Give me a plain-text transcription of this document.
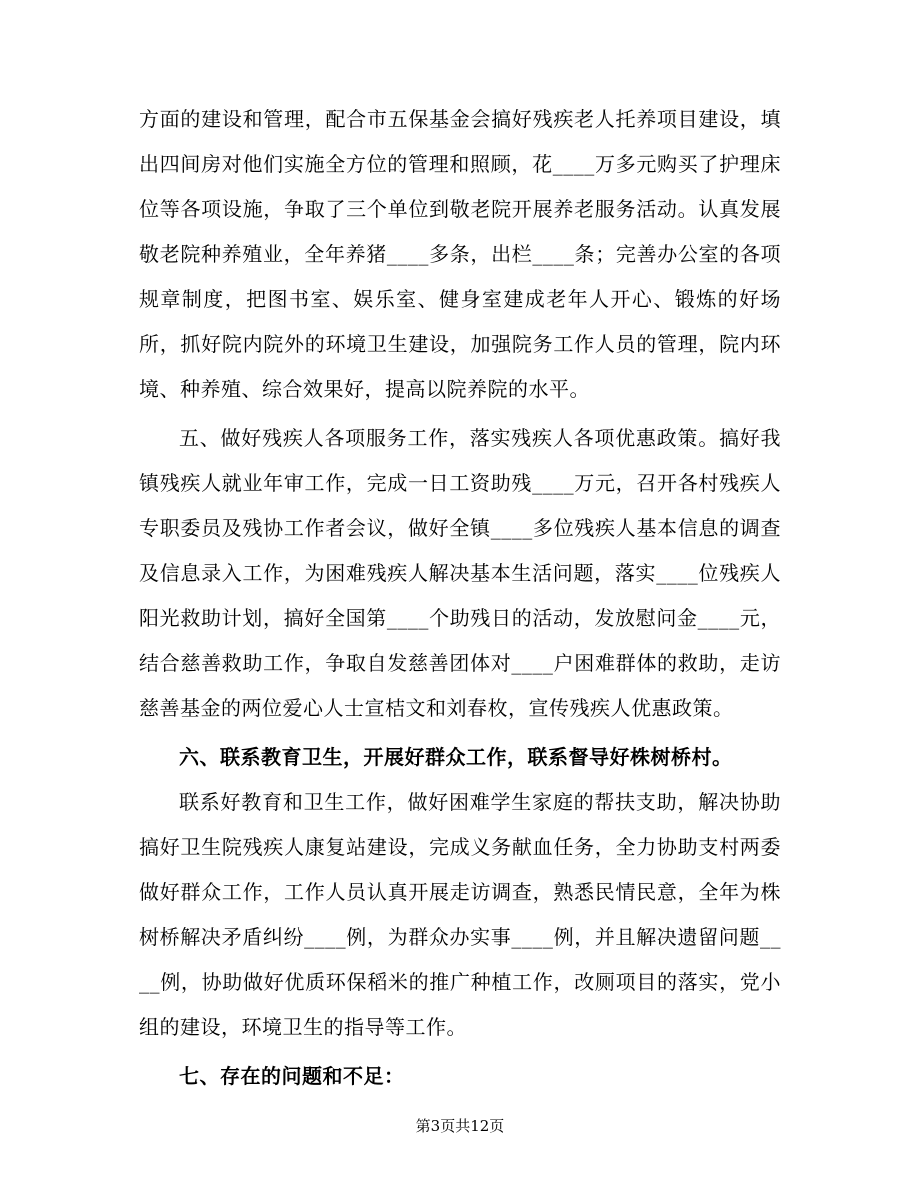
方面的建设和管理，配合市五保基金会搞好残疾老人托养项目建设，填出四间房对他们实施全方位的管理和照顾，花____万多元购买了护理床位等各项设施，争取了三个单位到敬老院开展养老服务活动。认真发展敬老院种养殖业，全年养猪____多条，出栏____条；完善办公室的各项规章制度，把图书室、娱乐室、健身室建成老年人开心、锻炼的好场所，抓好院内院外的环境卫生建设，加强院务工作人员的管理，院内环境、种养殖、综合效果好，提高以院养院的水平。

五、做好残疾人各项服务工作，落实残疾人各项优惠政策。搞好我镇残疾人就业年审工作，完成一日工资助残____万元，召开各村残疾人专职委员及残协工作者会议，做好全镇____多位残疾人基本信息的调查及信息录入工作，为困难残疾人解决基本生活问题，落实____位残疾人阳光救助计划，搞好全国第____个助残日的活动，发放慰问金____元，结合慈善救助工作，争取自发慈善团体对____户困难群体的救助，走访慈善基金的两位爱心人士宣桔文和刘春枚，宣传残疾人优惠政策。

六、联系教育卫生，开展好群众工作，联系督导好株树桥村。

联系好教育和卫生工作，做好困难学生家庭的帮扶支助，解决协助搞好卫生院残疾人康复站建设，完成义务献血任务，全力协助支村两委做好群众工作，工作人员认真开展走访调查，熟悉民情民意，全年为株树桥解决矛盾纠纷____例，为群众办实事____例，并且解决遗留问题____例，协助做好优质环保稻米的推广种植工作，改厕项目的落实，党小组的建设，环境卫生的指导等工作。

七、存在的问题和不足：

第3页共12页
